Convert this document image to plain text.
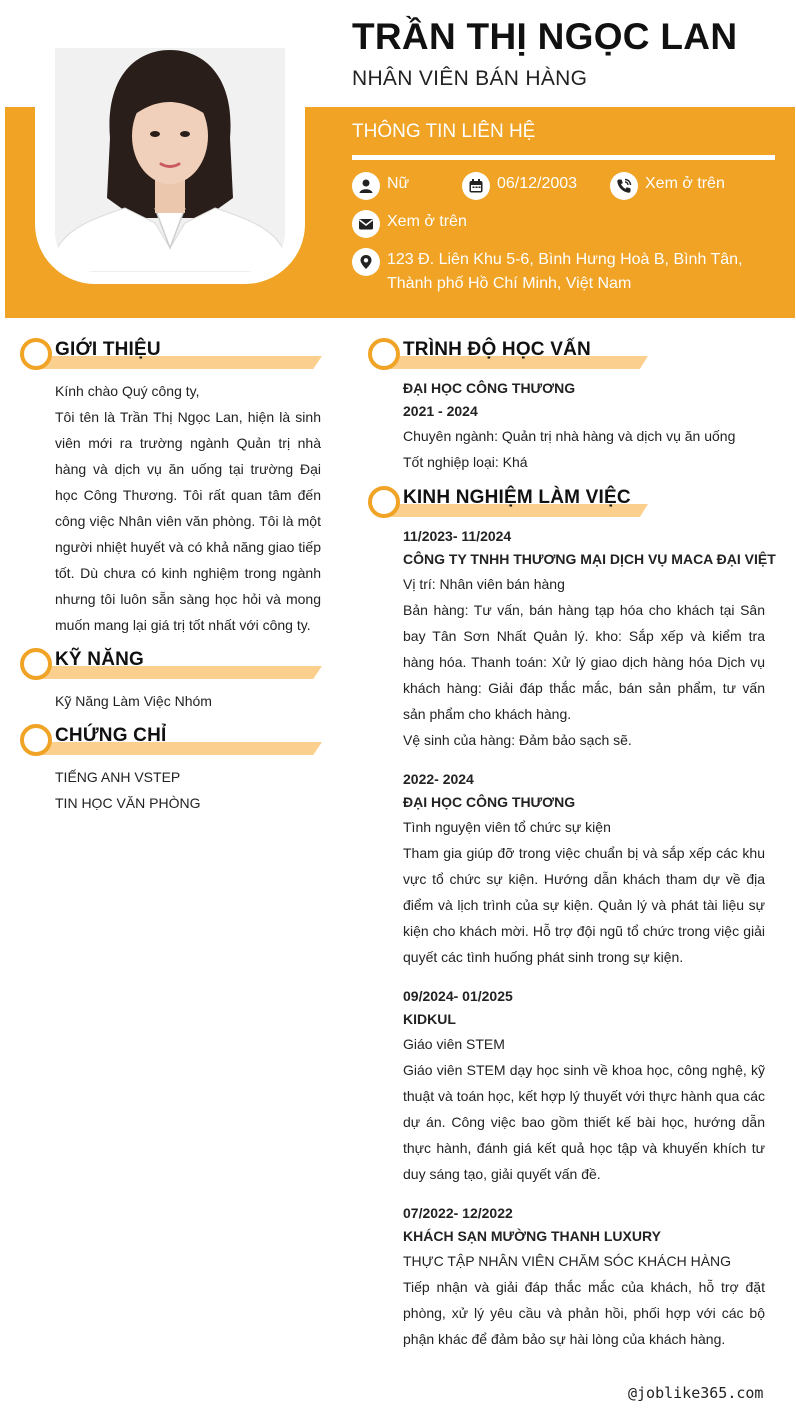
TRẦN THỊ NGỌC LAN
NHÂN VIÊN BÁN HÀNG
THÔNG TIN LIÊN HỆ
Nữ	06/12/2003	Xem ở trên
Xem ở trên
123 Đ. Liên Khu 5-6, Bình Hưng Hoà B, Bình Tân, Thành phố Hồ Chí Minh, Việt Nam
GIỚI THIỆU
Kính chào Quý công ty,
Tôi tên là Trần Thị Ngọc Lan, hiện là sinh viên mới ra trường ngành Quản trị nhà hàng và dịch vụ ăn uống tại trường Đại học Công Thương. Tôi rất quan tâm đến công việc Nhân viên văn phòng. Tôi là một người nhiệt huyết và có khả năng giao tiếp tốt. Dù chưa có kinh nghiệm trong ngành nhưng tôi luôn sẵn sàng học hỏi và mong muốn mang lại giá trị tốt nhất với công ty.
KỸ NĂNG
Kỹ Năng Làm Việc Nhóm
CHỨNG CHỈ
TIẾNG ANH VSTEP
TIN HỌC VĂN PHÒNG
TRÌNH ĐỘ HỌC VẤN
ĐẠI HỌC CÔNG THƯƠNG
2021 - 2024
Chuyên ngành: Quản trị nhà hàng và dịch vụ ăn uống
Tốt nghiệp loại: Khá
KINH NGHIỆM LÀM VIỆC
11/2023- 11/2024
CÔNG TY TNHH THƯƠNG MẠI DỊCH VỤ MACA ĐẠI VIỆT
Vị trí: Nhân viên bán hàng
Bản hàng: Tư vấn, bán hàng tạp hóa cho khách tại Sân bay Tân Sơn Nhất Quản lý. kho: Sắp xếp và kiểm tra hàng hóa. Thanh toán: Xử lý giao dịch hàng hóa Dịch vụ khách hàng: Giải đáp thắc mắc, bán sản phẩm, tư vấn sản phẩm cho khách hàng.
Vệ sinh của hàng: Đảm bảo sạch sẽ.
2022- 2024
ĐẠI HỌC CÔNG THƯƠNG
Tình nguyện viên tổ chức sự kiện
Tham gia giúp đỡ trong việc chuẩn bị và sắp xếp các khu vực tổ chức sự kiện. Hướng dẫn khách tham dự về địa điểm và lịch trình của sự kiện. Quản lý và phát tài liệu sự kiện cho khách mời. Hỗ trợ đội ngũ tổ chức trong việc giải quyết các tình huống phát sinh trong sự kiện.
09/2024- 01/2025
KIDKUL
Giáo viên STEM
Giáo viên STEM dạy học sinh về khoa học, công nghệ, kỹ thuật và toán học, kết hợp lý thuyết với thực hành qua các dự án. Công việc bao gồm thiết kế bài học, hướng dẫn thực hành, đánh giá kết quả học tập và khuyến khích tư duy sáng tạo, giải quyết vấn đề.
07/2022- 12/2022
KHÁCH SẠN MƯỜNG THANH LUXURY
THỰC TẬP NHÂN VIÊN CHĂM SÓC KHÁCH HÀNG
Tiếp nhận và giải đáp thắc mắc của khách, hỗ trợ đặt phòng, xử lý yêu cầu và phản hồi, phối hợp với các bộ phận khác để đảm bảo sự hài lòng của khách hàng.
@joblike365.com
